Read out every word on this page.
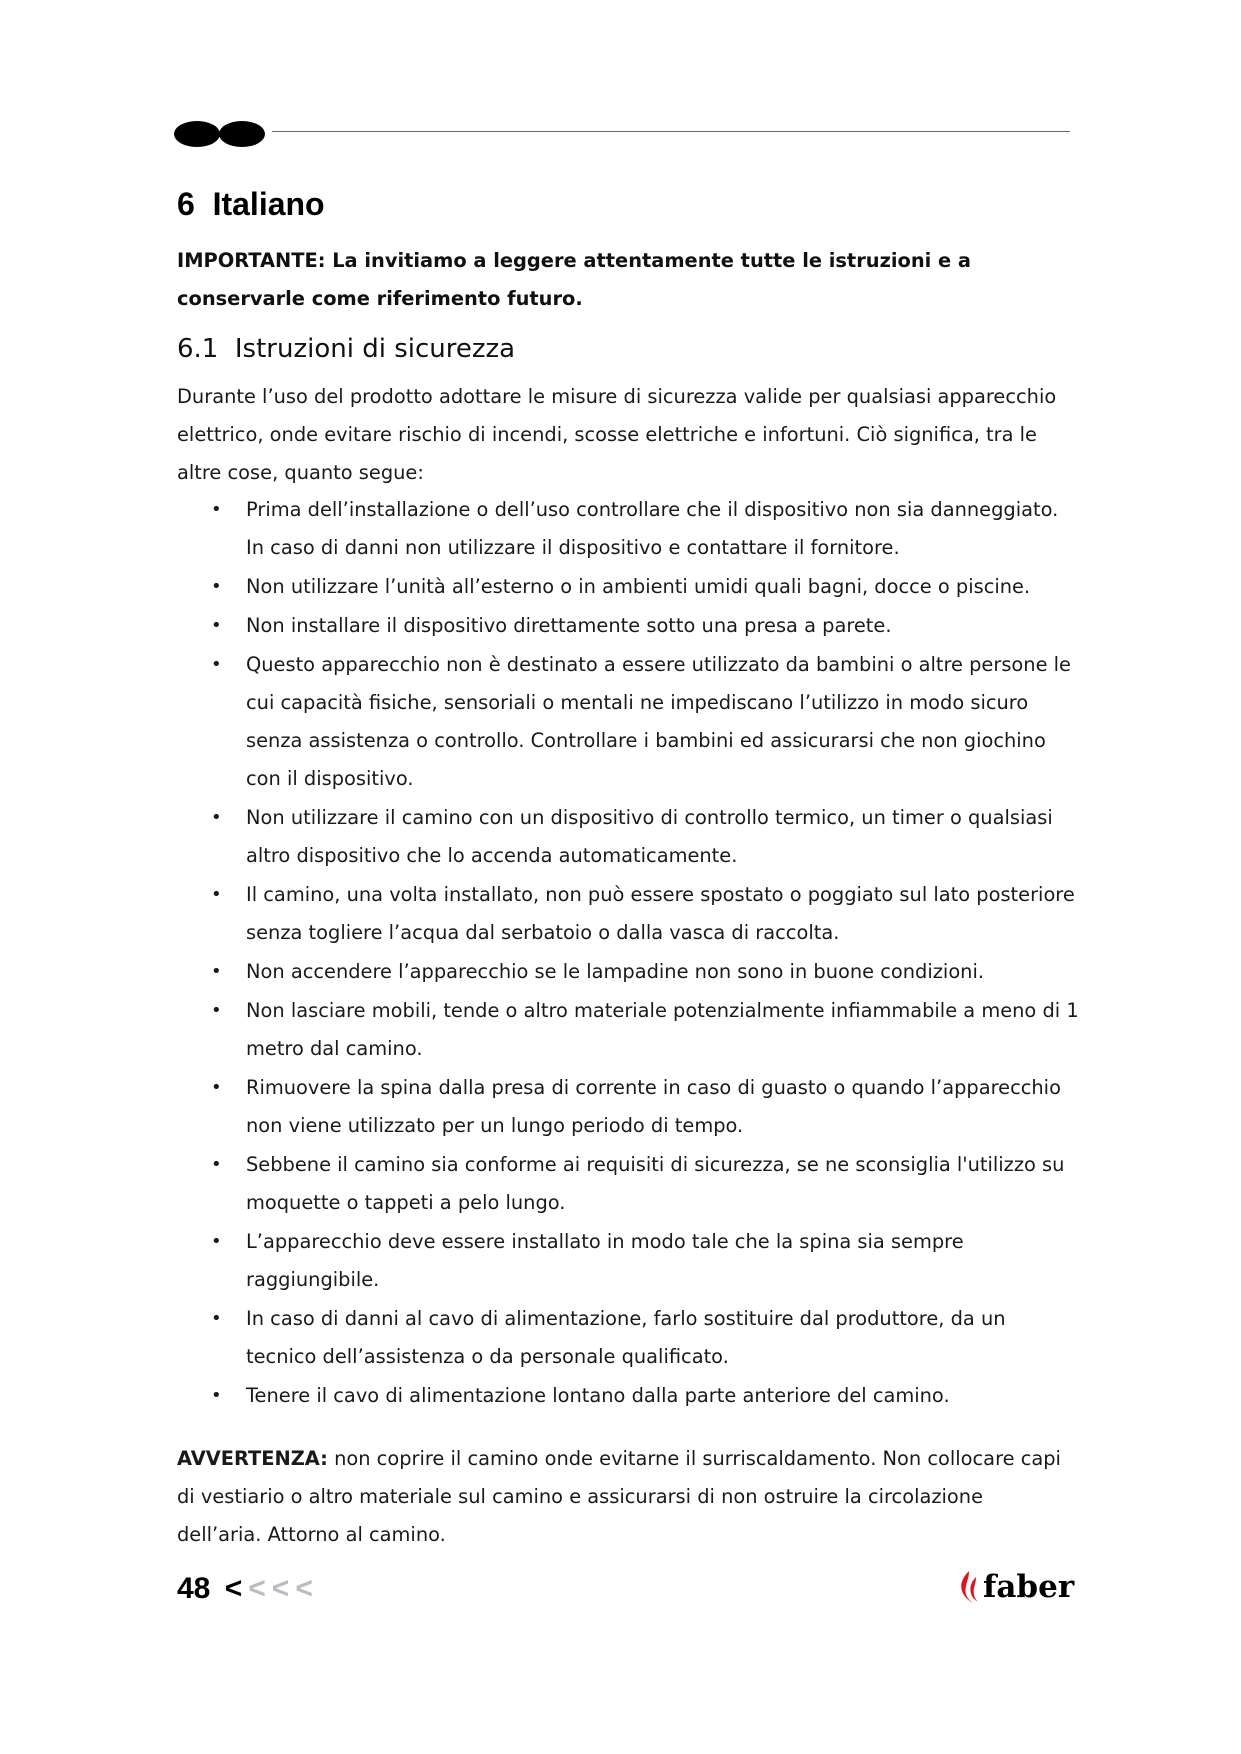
6 Italiano

IMPORTANTE: La invitiamo a leggere attentamente tutte le istruzioni e a conservarle come riferimento futuro.

6.1 Istruzioni di sicurezza

Durante l’uso del prodotto adottare le misure di sicurezza valide per qualsiasi apparecchio elettrico, onde evitare rischio di incendi, scosse elettriche e infortuni. Ciò significa, tra le altre cose, quanto segue:

• Prima dell’installazione o dell’uso controllare che il dispositivo non sia danneggiato. In caso di danni non utilizzare il dispositivo e contattare il fornitore.
• Non utilizzare l’unità all’esterno o in ambienti umidi quali bagni, docce o piscine.
• Non installare il dispositivo direttamente sotto una presa a parete.
• Questo apparecchio non è destinato a essere utilizzato da bambini o altre persone le cui capacità fisiche, sensoriali o mentali ne impediscano l’utilizzo in modo sicuro senza assistenza o controllo. Controllare i bambini ed assicurarsi che non giochino con il dispositivo.
• Non utilizzare il camino con un dispositivo di controllo termico, un timer o qualsiasi altro dispositivo che lo accenda automaticamente.
• Il camino, una volta installato, non può essere spostato o poggiato sul lato posteriore senza togliere l’acqua dal serbatoio o dalla vasca di raccolta.
• Non accendere l’apparecchio se le lampadine non sono in buone condizioni.
• Non lasciare mobili, tende o altro materiale potenzialmente infiammabile a meno di 1 metro dal camino.
• Rimuovere la spina dalla presa di corrente in caso di guasto o quando l’apparecchio non viene utilizzato per un lungo periodo di tempo.
• Sebbene il camino sia conforme ai requisiti di sicurezza, se ne sconsiglia l'utilizzo su moquette o tappeti a pelo lungo.
• L’apparecchio deve essere installato in modo tale che la spina sia sempre raggiungibile.
• In caso di danni al cavo di alimentazione, farlo sostituire dal produttore, da un tecnico dell’assistenza o da personale qualificato.
• Tenere il cavo di alimentazione lontano dalla parte anteriore del camino.

AVVERTENZA: non coprire il camino onde evitarne il surriscaldamento. Non collocare capi di vestiario o altro materiale sul camino e assicurarsi di non ostruire la circolazione dell’aria. Attorno al camino.

48 < < < <	faber
